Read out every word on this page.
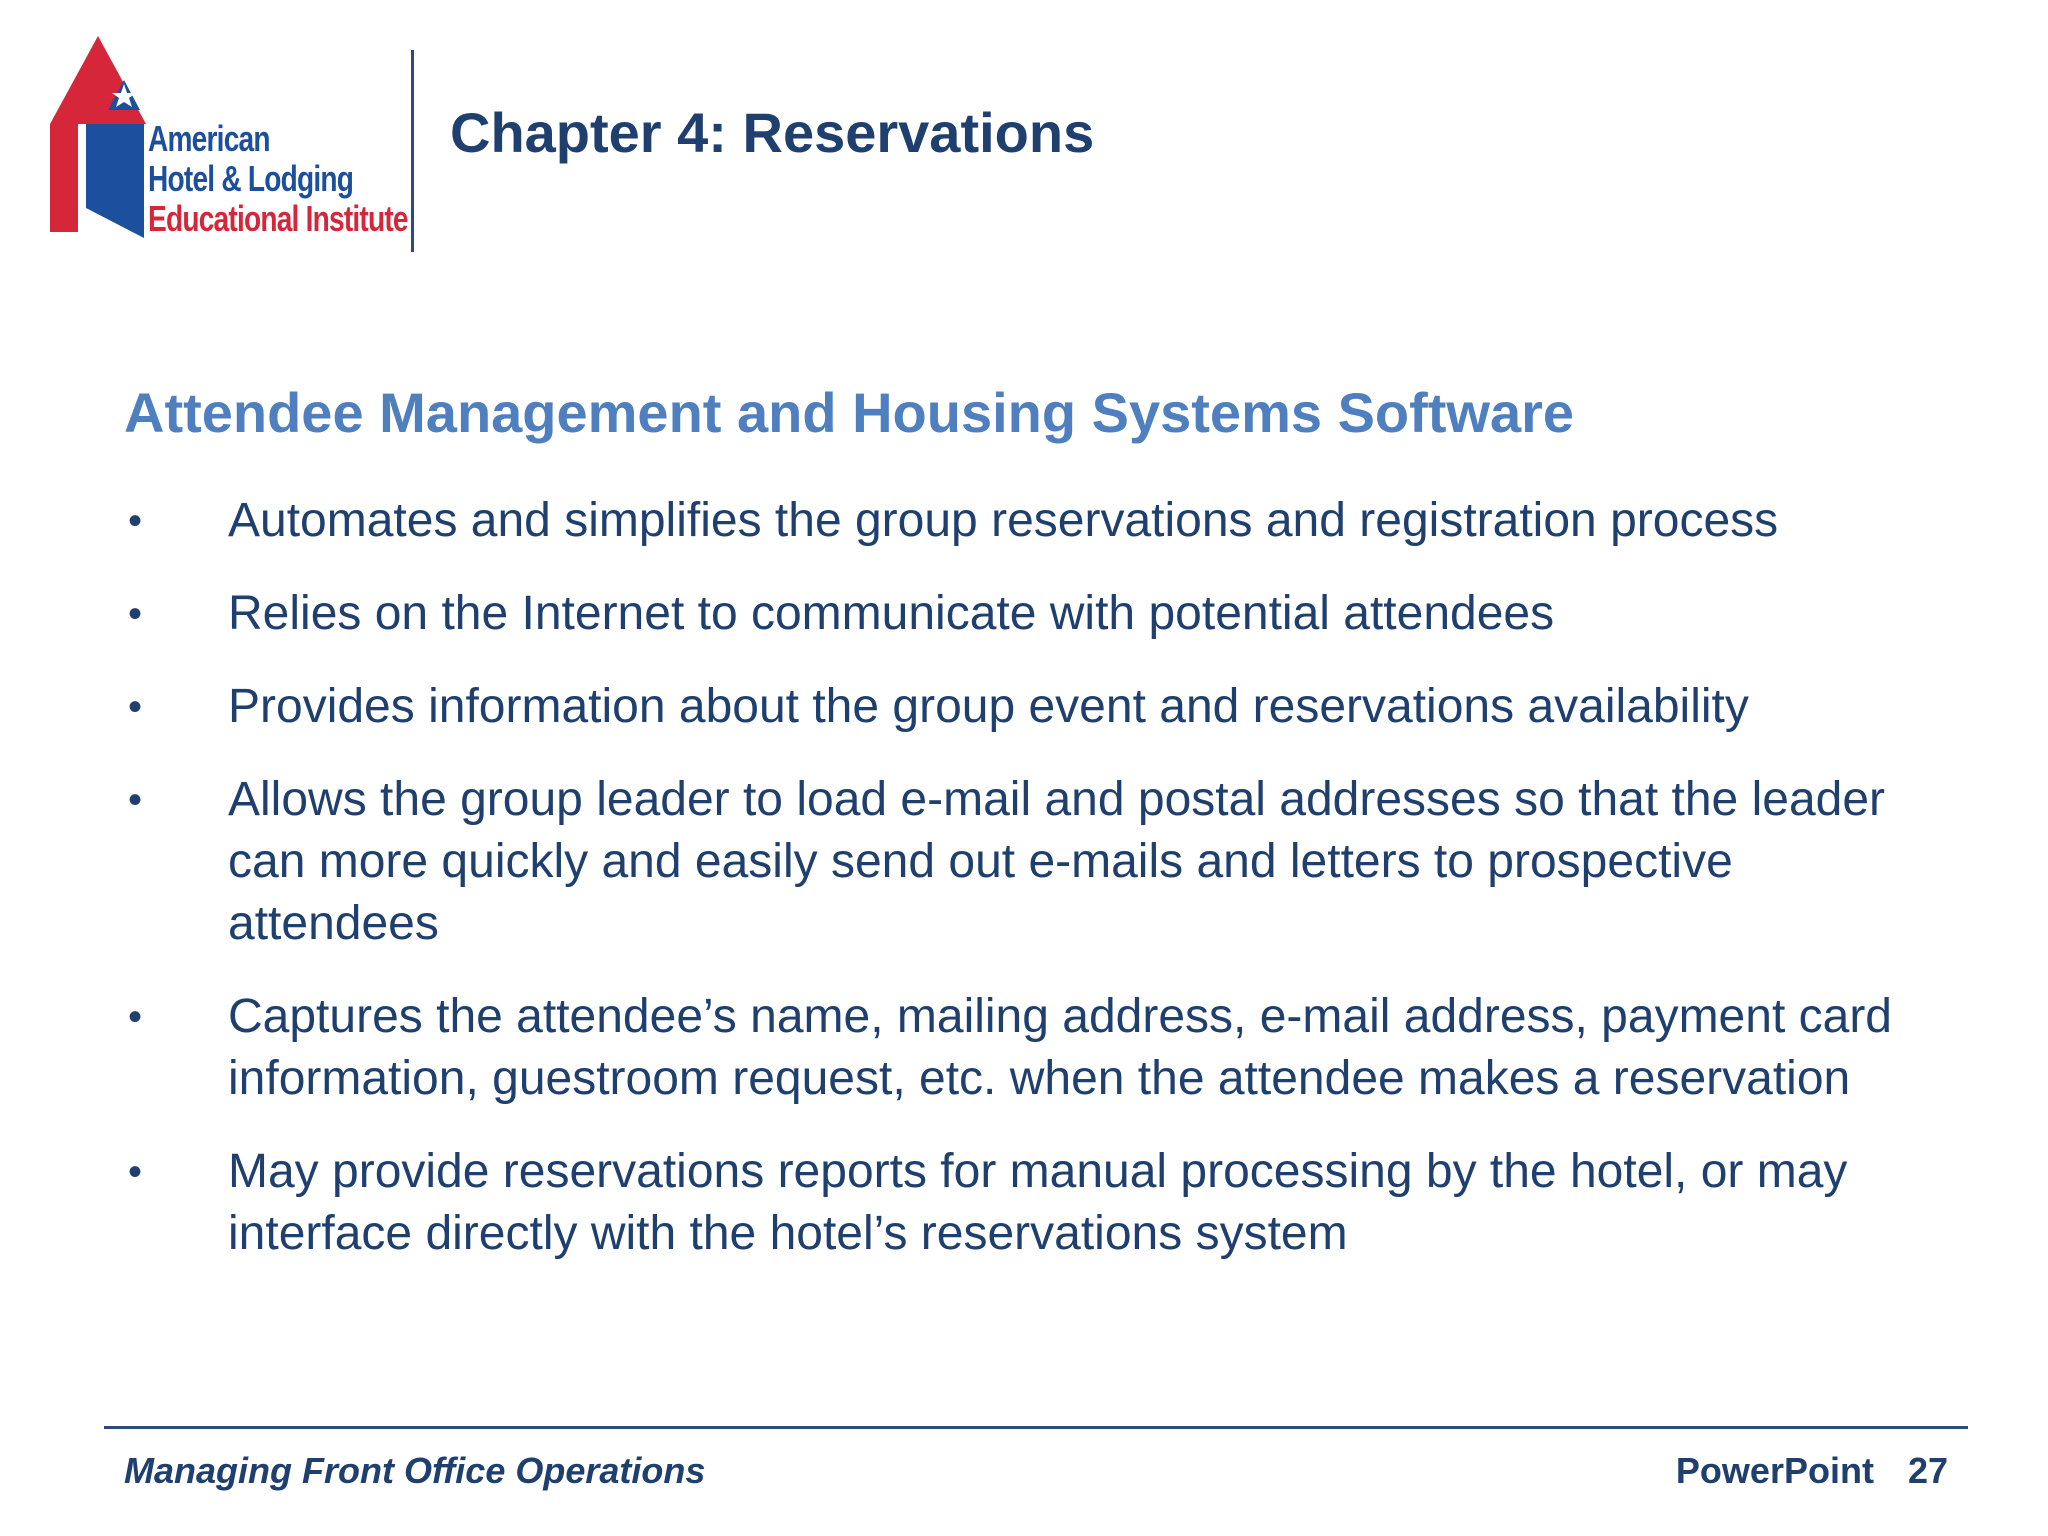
American
Hotel & Lodging
Educational Institute
Chapter 4: Reservations
Attendee Management and Housing Systems Software
• Automates and simplifies the group reservations and registration process
• Relies on the Internet to communicate with potential attendees
• Provides information about the group event and reservations availability
• Allows the group leader to load e-mail and postal addresses so that the leader can more quickly and easily send out e-mails and letters to prospective attendees
• Captures the attendee’s name, mailing address, e-mail address, payment card information, guestroom request, etc. when the attendee makes a reservation
• May provide reservations reports for manual processing by the hotel, or may interface directly with the hotel’s reservations system
Managing Front Office Operations	PowerPoint 27
